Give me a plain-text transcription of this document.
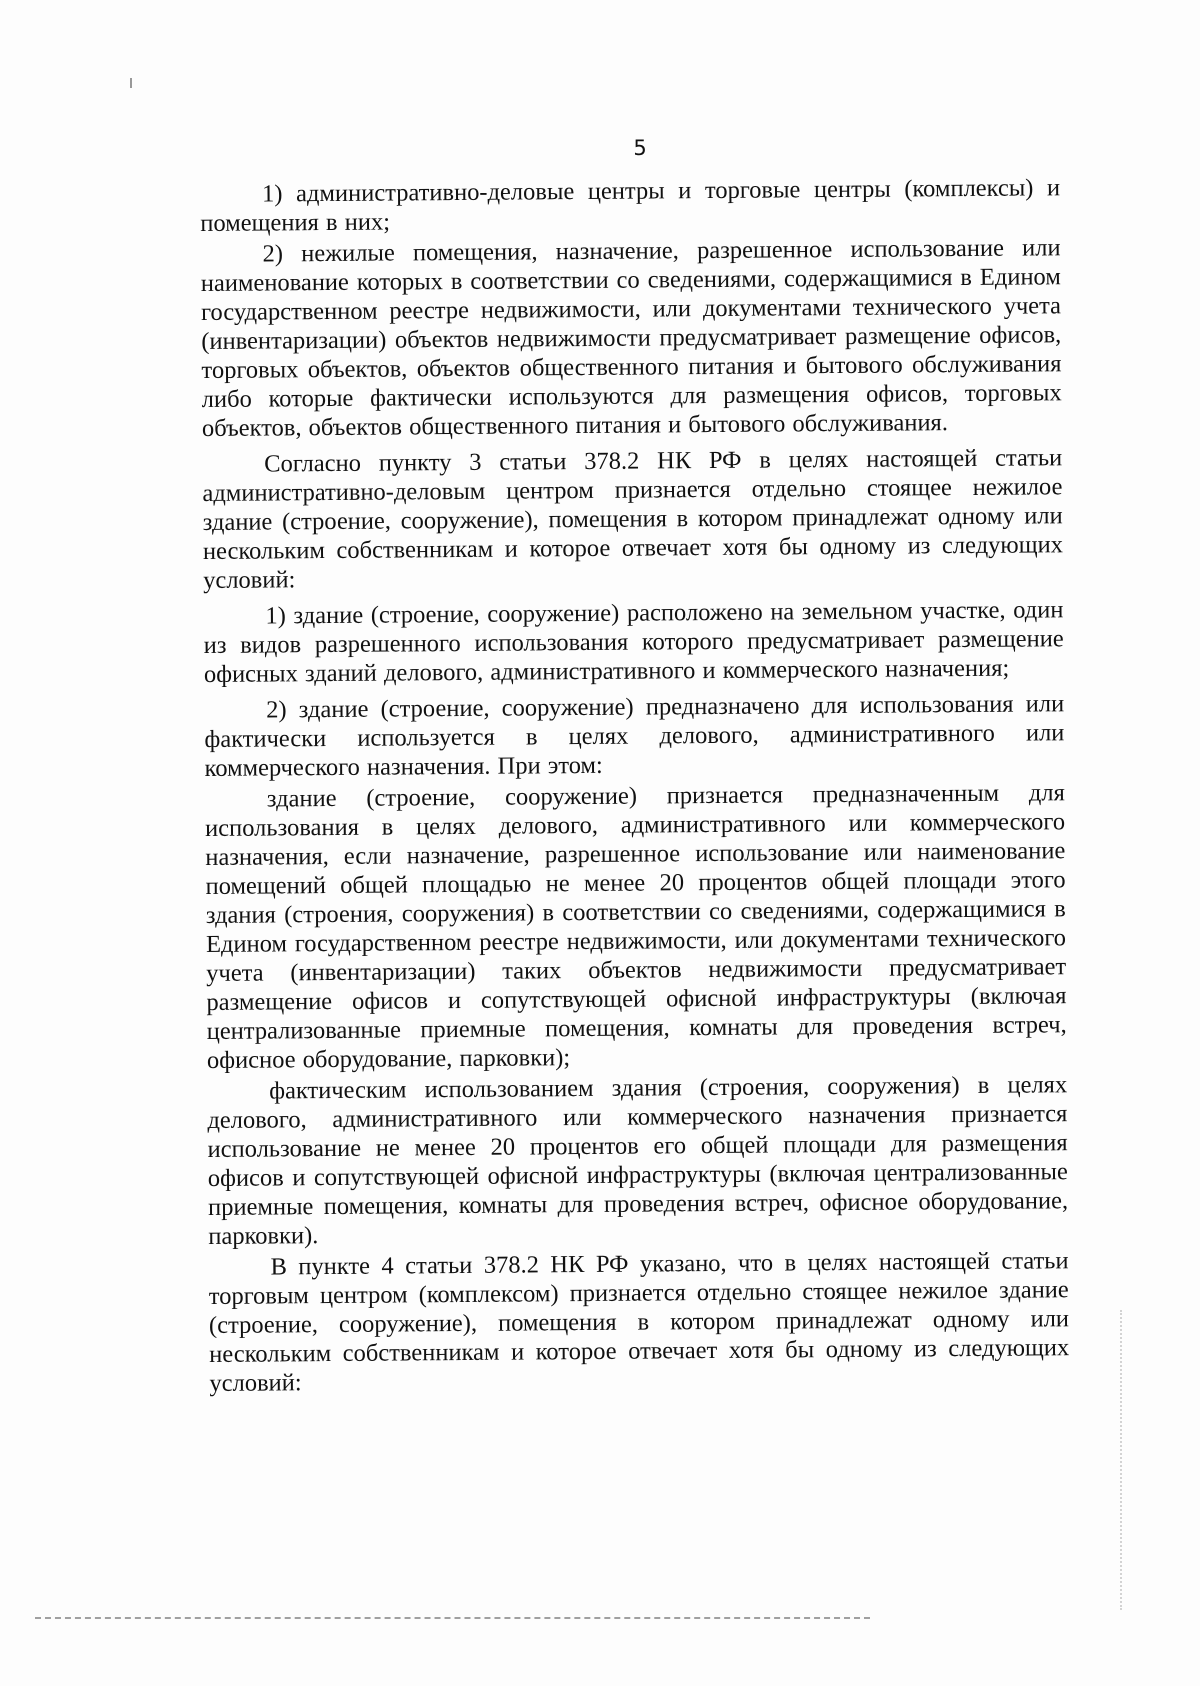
5

1) административно-деловые центры и торговые центры (комплексы) и помещения в них;

2) нежилые помещения, назначение, разрешенное использование или наименование которых в соответствии со сведениями, содержащимися в Едином государственном реестре недвижимости, или документами технического учета (инвентаризации) объектов недвижимости предусматривает размещение офисов, торговых объектов, объектов общественного питания и бытового обслуживания либо которые фактически используются для размещения офисов, торговых объектов, объектов общественного питания и бытового обслуживания.

Согласно пункту 3 статьи 378.2 НК РФ в целях настоящей статьи административно-деловым центром признается отдельно стоящее нежилое здание (строение, сооружение), помещения в котором принадлежат одному или нескольким собственникам и которое отвечает хотя бы одному из следующих условий:

1) здание (строение, сооружение) расположено на земельном участке, один из видов разрешенного использования которого предусматривает размещение офисных зданий делового, административного и коммерческого назначения;

2) здание (строение, сооружение) предназначено для использования или фактически используется в целях делового, административного или коммерческого назначения. При этом:

здание (строение, сооружение) признается предназначенным для использования в целях делового, административного или коммерческого назначения, если назначение, разрешенное использование или наименование помещений общей площадью не менее 20 процентов общей площади этого здания (строения, сооружения) в соответствии со сведениями, содержащимися в Едином государственном реестре недвижимости, или документами технического учета (инвентаризации) таких объектов недвижимости предусматривает размещение офисов и сопутствующей офисной инфраструктуры (включая централизованные приемные помещения, комнаты для проведения встреч, офисное оборудование, парковки);

фактическим использованием здания (строения, сооружения) в целях делового, административного или коммерческого назначения признается использование не менее 20 процентов его общей площади для размещения офисов и сопутствующей офисной инфраструктуры (включая централизованные приемные помещения, комнаты для проведения встреч, офисное оборудование, парковки).

В пункте 4 статьи 378.2 НК РФ указано, что в целях настоящей статьи торговым центром (комплексом) признается отдельно стоящее нежилое здание (строение, сооружение), помещения в котором принадлежат одному или нескольким собственникам и которое отвечает хотя бы одному из следующих условий:
